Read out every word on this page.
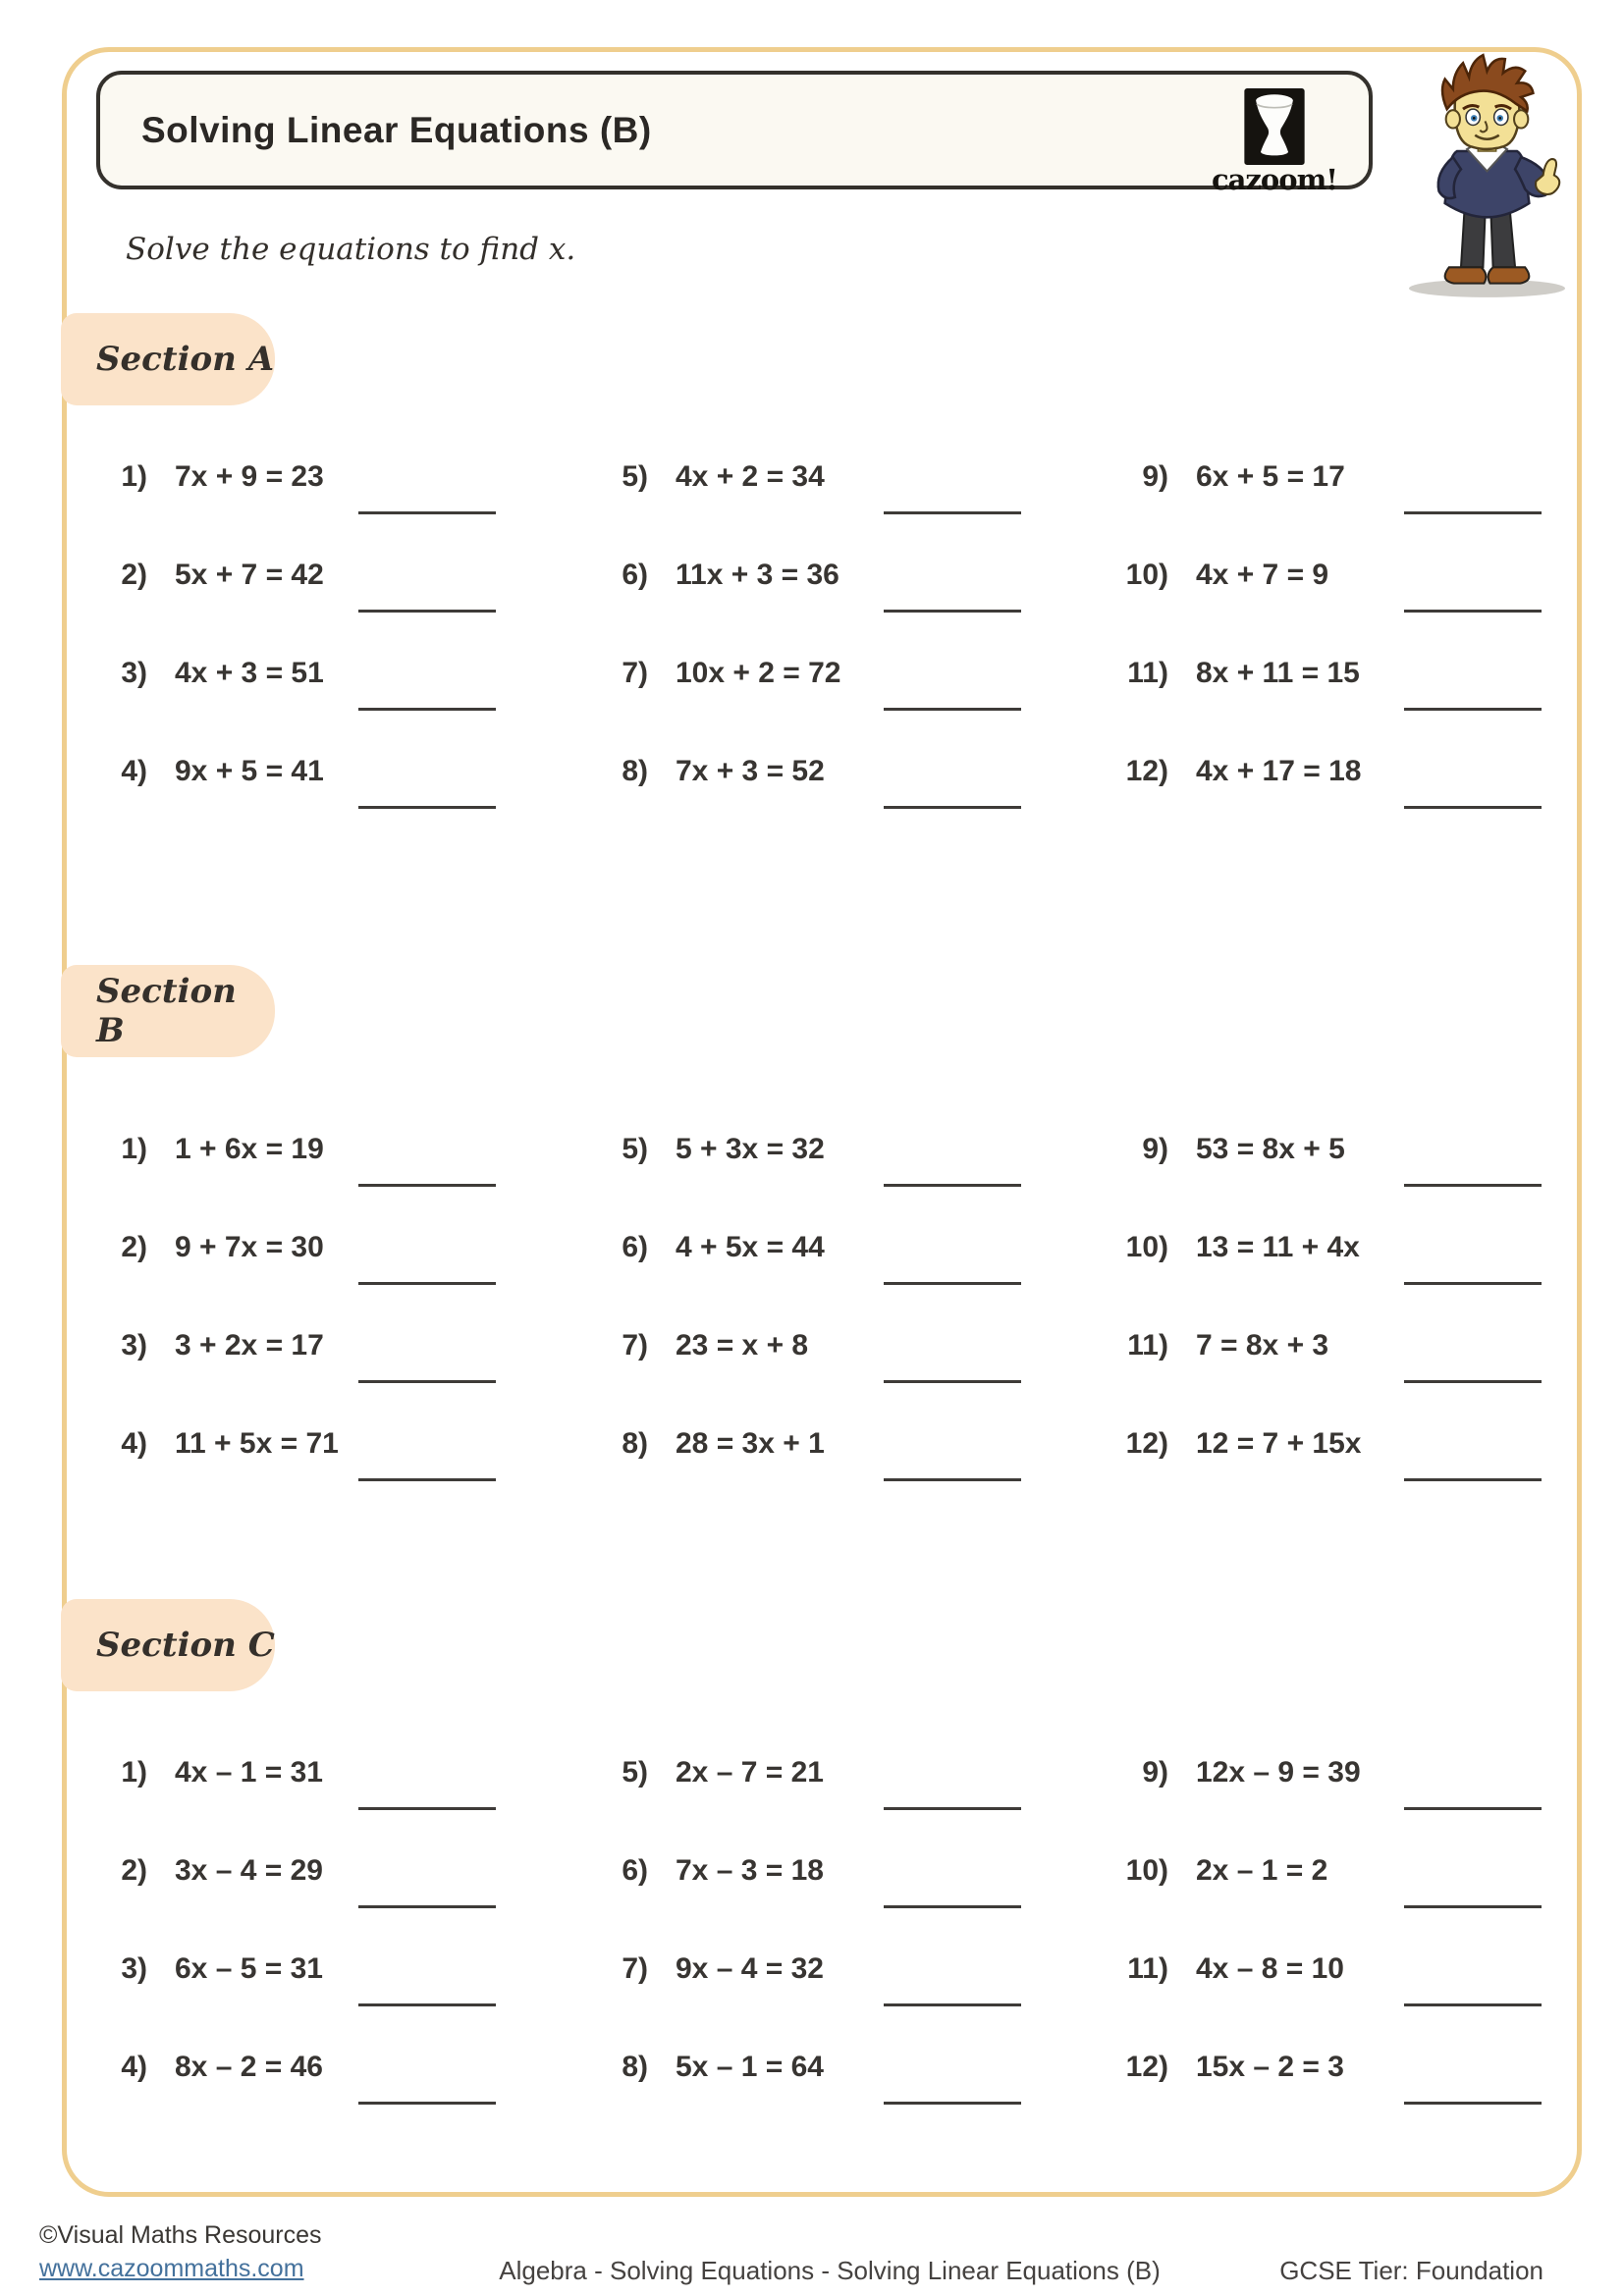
Solving Linear Equations (B)
cazoom!

Solve the equations to find x.

Section A
1) 7x + 9 = 23	5) 4x + 2 = 34	9) 6x + 5 = 17
2) 5x + 7 = 42	6) 11x + 3 = 36	10) 4x + 7 = 9
3) 4x + 3 = 51	7) 10x + 2 = 72	11) 8x + 11 = 15
4) 9x + 5 = 41	8) 7x + 3 = 52	12) 4x + 17 = 18
Section B
1) 1 + 6x = 19	5) 5 + 3x = 32	9) 53 = 8x + 5
2) 9 + 7x = 30	6) 4 + 5x = 44	10) 13 = 11 + 4x
3) 3 + 2x = 17	7) 23 = x + 8	11) 7 = 8x + 3
4) 11 + 5x = 71	8) 28 = 3x + 1	12) 12 = 7 + 15x
Section C
1) 4x – 1 = 31	5) 2x – 7 = 21	9) 12x – 9 = 39
2) 3x – 4 = 29	6) 7x – 3 = 18	10) 2x – 1 = 2
3) 6x – 5 = 31	7) 9x – 4 = 32	11) 4x – 8 = 10
4) 8x – 2 = 46	8) 5x – 1 = 64	12) 15x – 2 = 3
©Visual Maths Resources
www.cazoommaths.com	Algebra - Solving Equations - Solving Linear Equations (B)	GCSE Tier: Foundation
